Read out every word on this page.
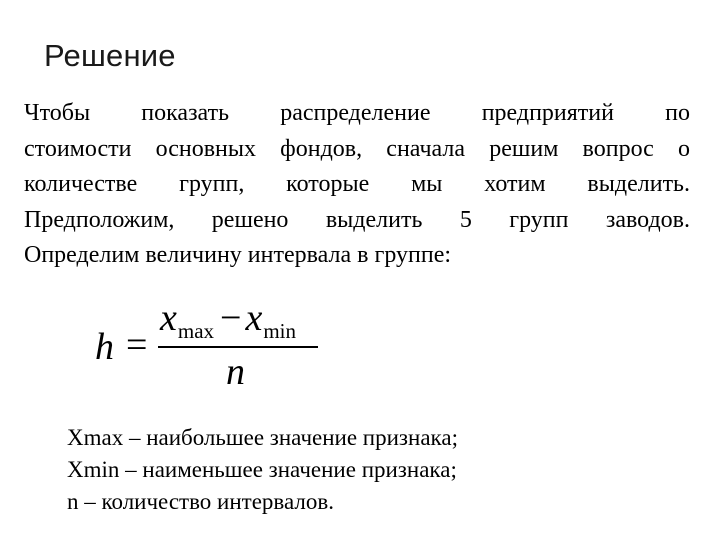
Решение
Чтобы показать распределение предприятий по
стоимости основных фондов, сначала решим вопрос о
количестве групп, которые мы хотим выделить.
Предположим, решено выделить 5 групп заводов.
Определим величину интервала в группе:
h =
xmax − xmin
n
Хmax – наибольшее значение признака;
Хmin – наименьшее значение признака;
n – количество интервалов.
